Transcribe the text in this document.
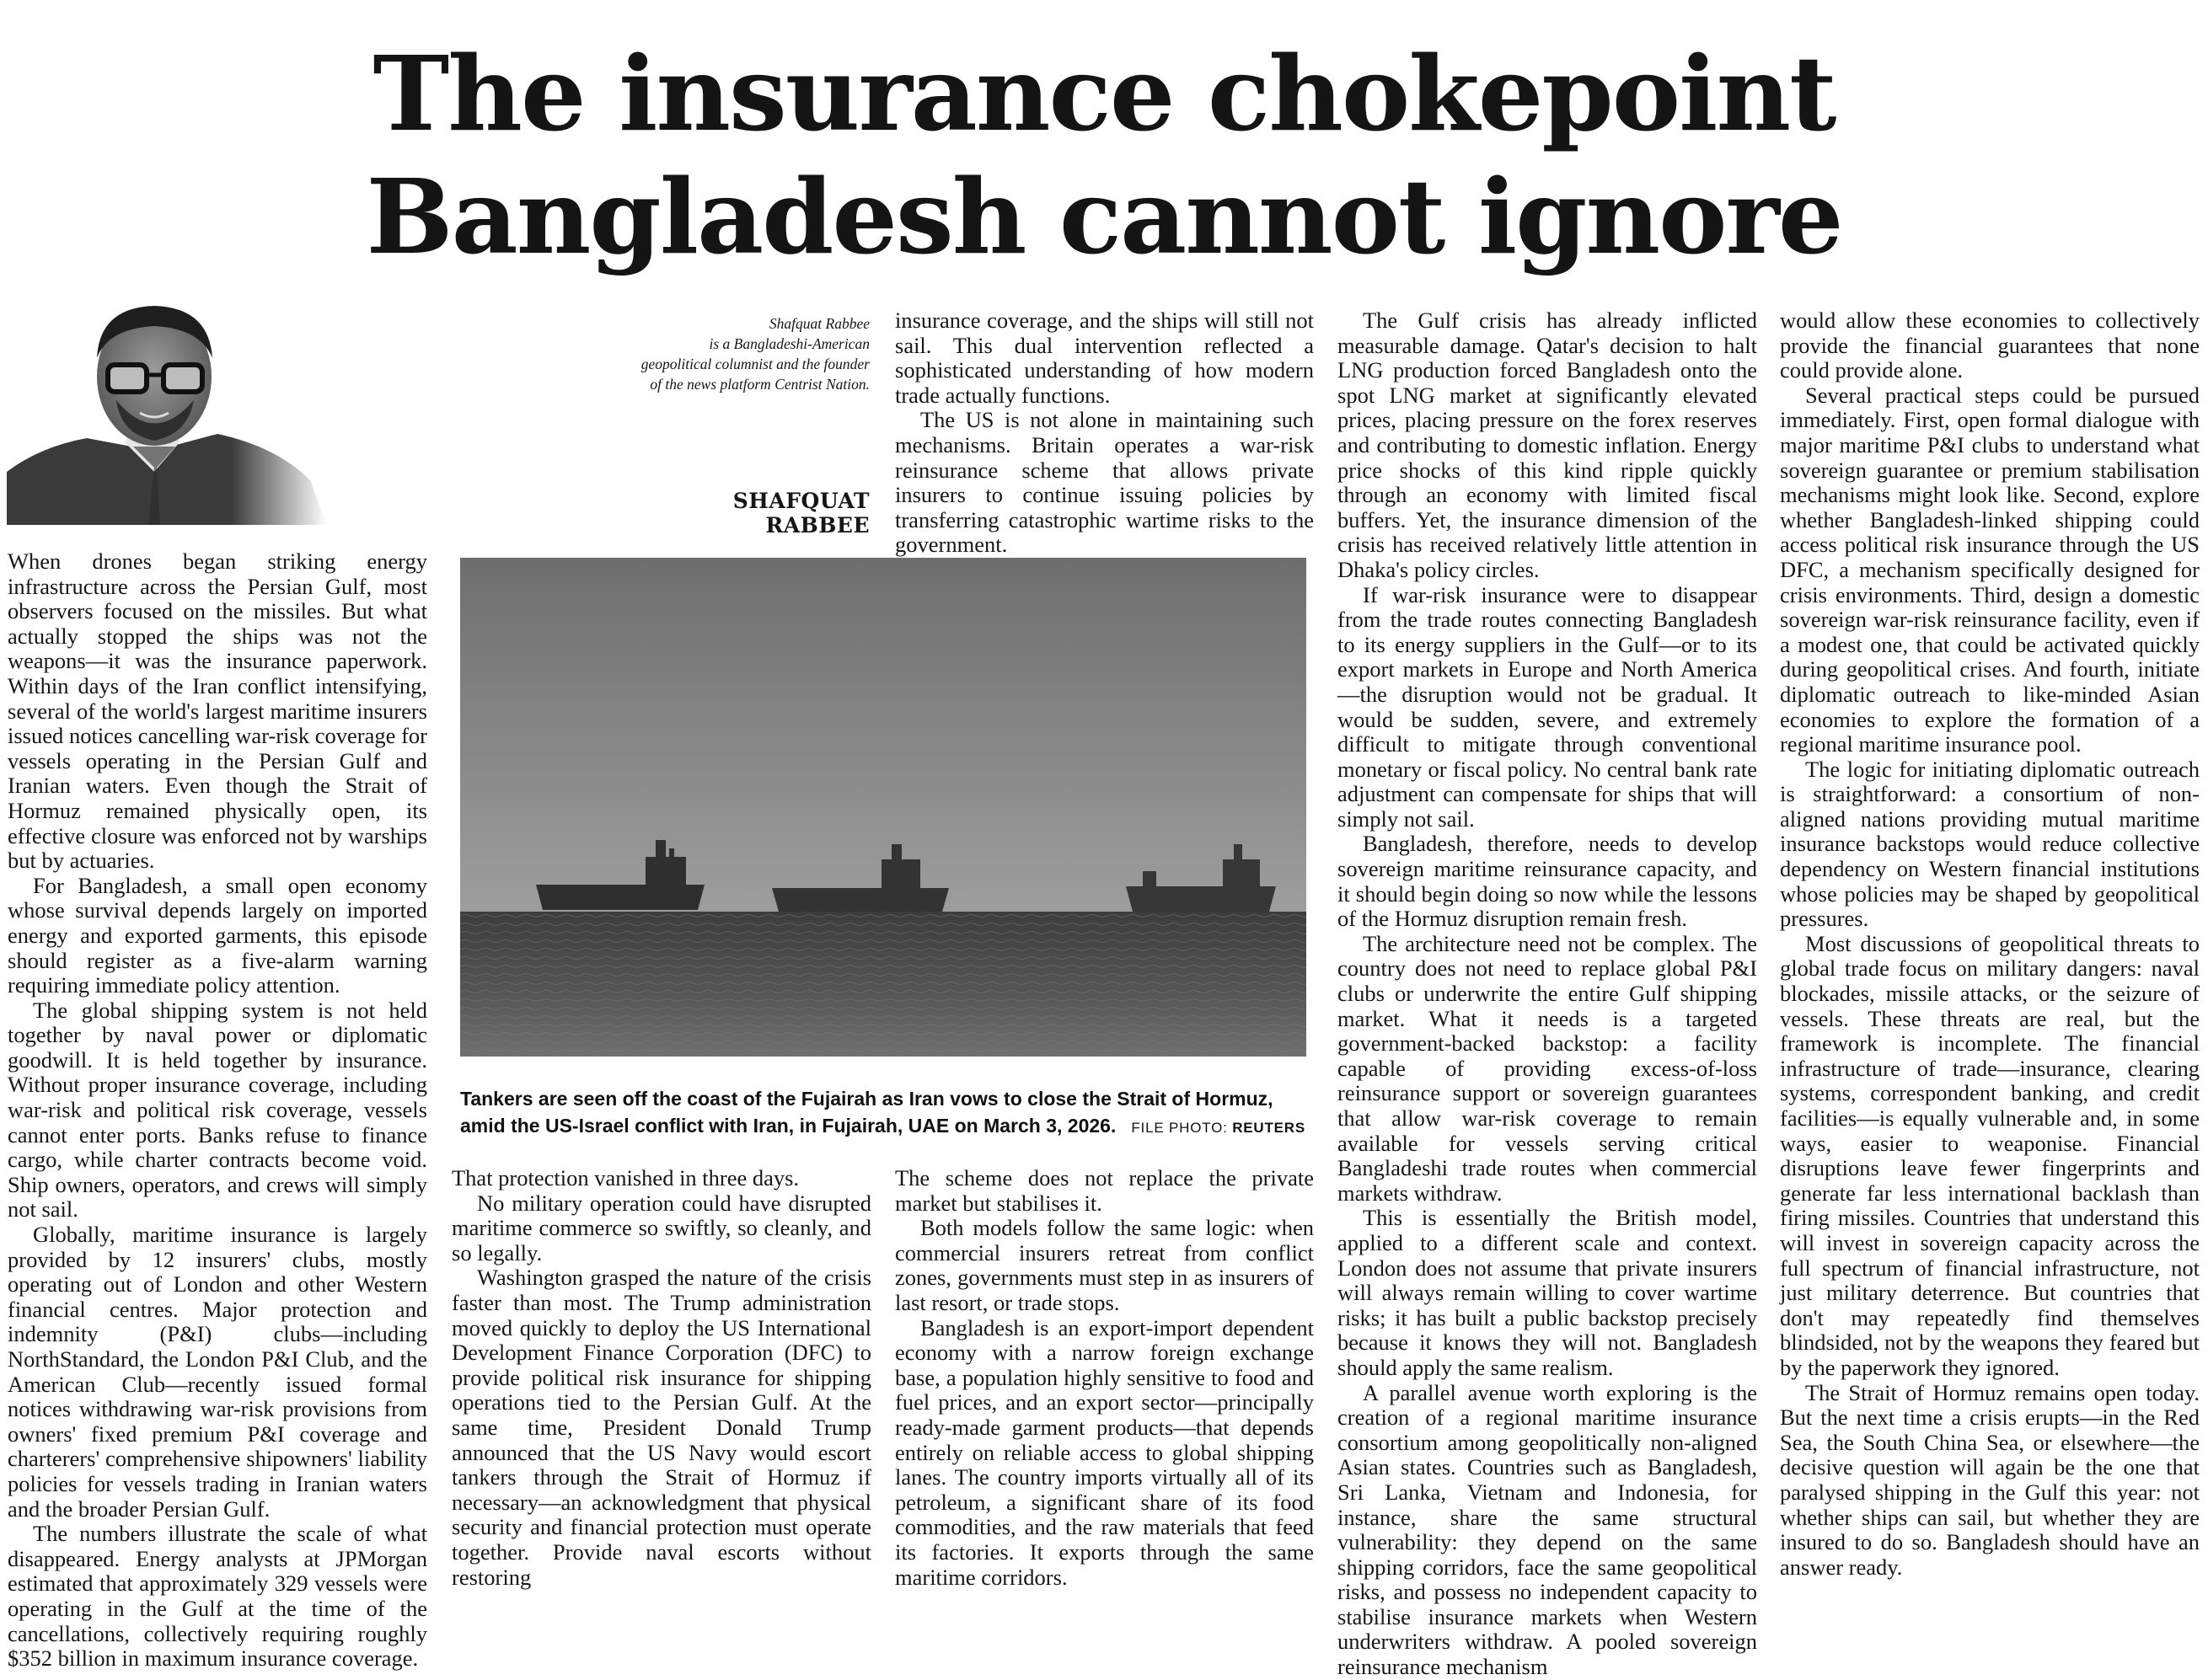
The insurance chokepoint
Bangladesh cannot ignore
Shafquat Rabbee
is a Bangladeshi-American
geopolitical columnist and the founder
of the news platform Centrist Nation.
SHAFQUAT RABBEE

When drones began striking energy infrastructure across the Persian Gulf, most observers focused on the missiles. But what actually stopped the ships was not the weapons—it was the insurance paperwork. Within days of the Iran conflict intensifying, several of the world's largest maritime insurers issued notices cancelling war-risk coverage for vessels operating in the Persian Gulf and Iranian waters. Even though the Strait of Hormuz remained physically open, its effective closure was enforced not by warships but by actuaries.

For Bangladesh, a small open economy whose survival depends largely on imported energy and exported garments, this episode should register as a five-alarm warning requiring immediate policy attention.

The global shipping system is not held together by naval power or diplomatic goodwill. It is held together by insurance. Without proper insurance coverage, including war-risk and political risk coverage, vessels cannot enter ports. Banks refuse to finance cargo, while charter contracts become void. Ship owners, operators, and crews will simply not sail.

Globally, maritime insurance is largely provided by 12 insurers' clubs, mostly operating out of London and other Western financial centres. Major protection and indemnity (P&I) clubs—including NorthStandard, the London P&I Club, and the American Club—recently issued formal notices withdrawing war-risk provisions from owners' fixed premium P&I coverage and charterers' comprehensive shipowners' liability policies for vessels trading in Iranian waters and the broader Persian Gulf.

The numbers illustrate the scale of what disappeared. Energy analysts at JPMorgan estimated that approximately 329 vessels were operating in the Gulf at the time of the cancellations, collectively requiring roughly $352 billion in maximum insurance coverage.

insurance coverage, and the ships will still not sail. This dual intervention reflected a sophisticated understanding of how modern trade actually functions.

The US is not alone in maintaining such mechanisms. Britain operates a war-risk reinsurance scheme that allows private insurers to continue issuing policies by transferring catastrophic wartime risks to the government.

Tankers are seen off the coast of the Fujairah as Iran vows to close the Strait of Hormuz,
amid the US-Israel conflict with Iran, in Fujairah, UAE on March 3, 2026. FILE PHOTO: REUTERS

That protection vanished in three days.

No military operation could have disrupted maritime commerce so swiftly, so cleanly, and so legally.

Washington grasped the nature of the crisis faster than most. The Trump administration moved quickly to deploy the US International Development Finance Corporation (DFC) to provide political risk insurance for shipping operations tied to the Persian Gulf. At the same time, President Donald Trump announced that the US Navy would escort tankers through the Strait of Hormuz if necessary—an acknowledgment that physical security and financial protection must operate together. Provide naval escorts without restoring

The scheme does not replace the private market but stabilises it.

Both models follow the same logic: when commercial insurers retreat from conflict zones, governments must step in as insurers of last resort, or trade stops.

Bangladesh is an export-import dependent economy with a narrow foreign exchange base, a population highly sensitive to food and fuel prices, and an export sector—principally ready-made garment products—that depends entirely on reliable access to global shipping lanes. The country imports virtually all of its petroleum, a significant share of its food commodities, and the raw materials that feed its factories. It exports through the same maritime corridors.

The Gulf crisis has already inflicted measurable damage. Qatar's decision to halt LNG production forced Bangladesh onto the spot LNG market at significantly elevated prices, placing pressure on the forex reserves and contributing to domestic inflation. Energy price shocks of this kind ripple quickly through an economy with limited fiscal buffers. Yet, the insurance dimension of the crisis has received relatively little attention in Dhaka's policy circles.

If war-risk insurance were to disappear from the trade routes connecting Bangladesh to its energy suppliers in the Gulf—or to its export markets in Europe and North America—the disruption would not be gradual. It would be sudden, severe, and extremely difficult to mitigate through conventional monetary or fiscal policy. No central bank rate adjustment can compensate for ships that will simply not sail.

Bangladesh, therefore, needs to develop sovereign maritime reinsurance capacity, and it should begin doing so now while the lessons of the Hormuz disruption remain fresh.

The architecture need not be complex. The country does not need to replace global P&I clubs or underwrite the entire Gulf shipping market. What it needs is a targeted government-backed backstop: a facility capable of providing excess-of-loss reinsurance support or sovereign guarantees that allow war-risk coverage to remain available for vessels serving critical Bangladeshi trade routes when commercial markets withdraw.

This is essentially the British model, applied to a different scale and context. London does not assume that private insurers will always remain willing to cover wartime risks; it has built a public backstop precisely because it knows they will not. Bangladesh should apply the same realism.

A parallel avenue worth exploring is the creation of a regional maritime insurance consortium among geopolitically non-aligned Asian states. Countries such as Bangladesh, Sri Lanka, Vietnam and Indonesia, for instance, share the same structural vulnerability: they depend on the same shipping corridors, face the same geopolitical risks, and possess no independent capacity to stabilise insurance markets when Western underwriters withdraw. A pooled sovereign reinsurance mechanism

would allow these economies to collectively provide the financial guarantees that none could provide alone.

Several practical steps could be pursued immediately. First, open formal dialogue with major maritime P&I clubs to understand what sovereign guarantee or premium stabilisation mechanisms might look like. Second, explore whether Bangladesh-linked shipping could access political risk insurance through the US DFC, a mechanism specifically designed for crisis environments. Third, design a domestic sovereign war-risk reinsurance facility, even if a modest one, that could be activated quickly during geopolitical crises. And fourth, initiate diplomatic outreach to like-minded Asian economies to explore the formation of a regional maritime insurance pool.

The logic for initiating diplomatic outreach is straightforward: a consortium of non-aligned nations providing mutual maritime insurance backstops would reduce collective dependency on Western financial institutions whose policies may be shaped by geopolitical pressures.

Most discussions of geopolitical threats to global trade focus on military dangers: naval blockades, missile attacks, or the seizure of vessels. These threats are real, but the framework is incomplete. The financial infrastructure of trade—insurance, clearing systems, correspondent banking, and credit facilities—is equally vulnerable and, in some ways, easier to weaponise. Financial disruptions leave fewer fingerprints and generate far less international backlash than firing missiles. Countries that understand this will invest in sovereign capacity across the full spectrum of financial infrastructure, not just military deterrence. But countries that don't may repeatedly find themselves blindsided, not by the weapons they feared but by the paperwork they ignored.

The Strait of Hormuz remains open today. But the next time a crisis erupts—in the Red Sea, the South China Sea, or elsewhere—the decisive question will again be the one that paralysed shipping in the Gulf this year: not whether ships can sail, but whether they are insured to do so. Bangladesh should have an answer ready.
